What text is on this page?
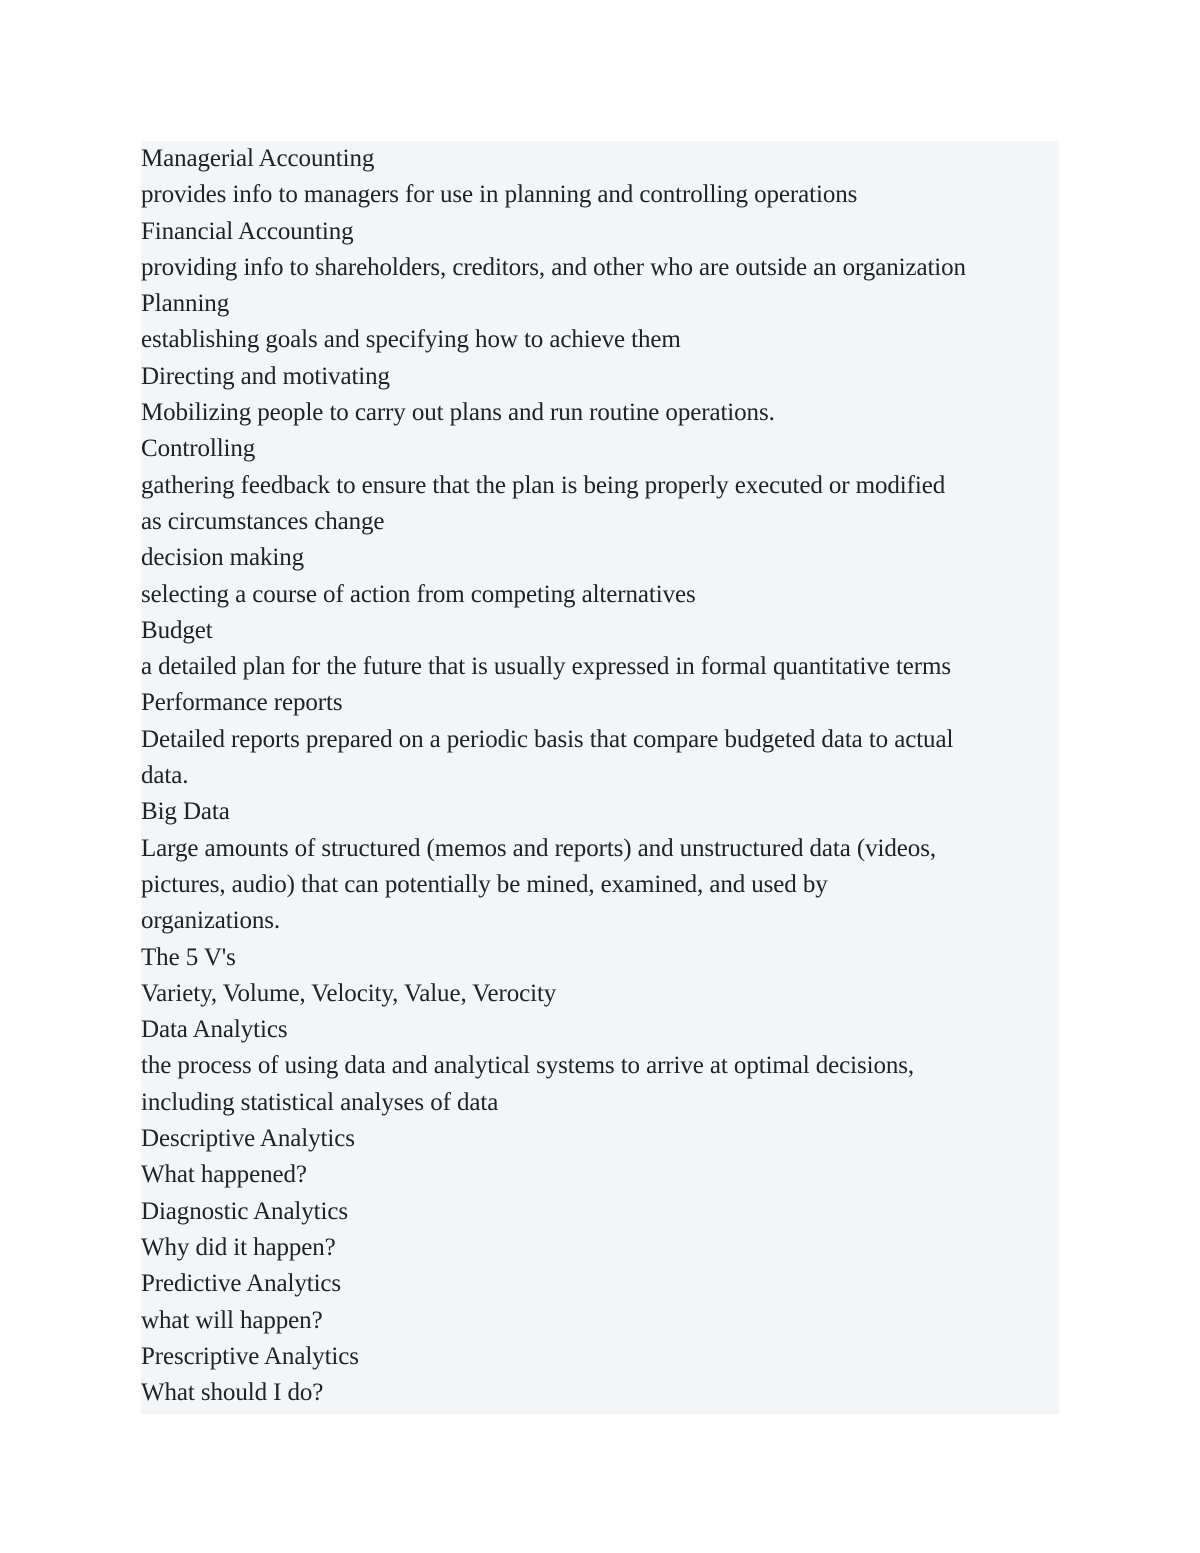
Managerial Accounting

provides info to managers for use in planning and controlling operations

Financial Accounting

providing info to shareholders, creditors, and other who are outside an organization

Planning

establishing goals and specifying how to achieve them

Directing and motivating

Mobilizing people to carry out plans and run routine operations.

Controlling

gathering feedback to ensure that the plan is being properly executed or modified

as circumstances change

decision making

selecting a course of action from competing alternatives

Budget

a detailed plan for the future that is usually expressed in formal quantitative terms

Performance reports

Detailed reports prepared on a periodic basis that compare budgeted data to actual

data.

Big Data

Large amounts of structured (memos and reports) and unstructured data (videos,

pictures, audio) that can potentially be mined, examined, and used by

organizations.

The 5 V's

Variety, Volume, Velocity, Value, Verocity

Data Analytics

the process of using data and analytical systems to arrive at optimal decisions,

including statistical analyses of data

Descriptive Analytics

What happened?

Diagnostic Analytics

Why did it happen?

Predictive Analytics

what will happen?

Prescriptive Analytics

What should I do?
